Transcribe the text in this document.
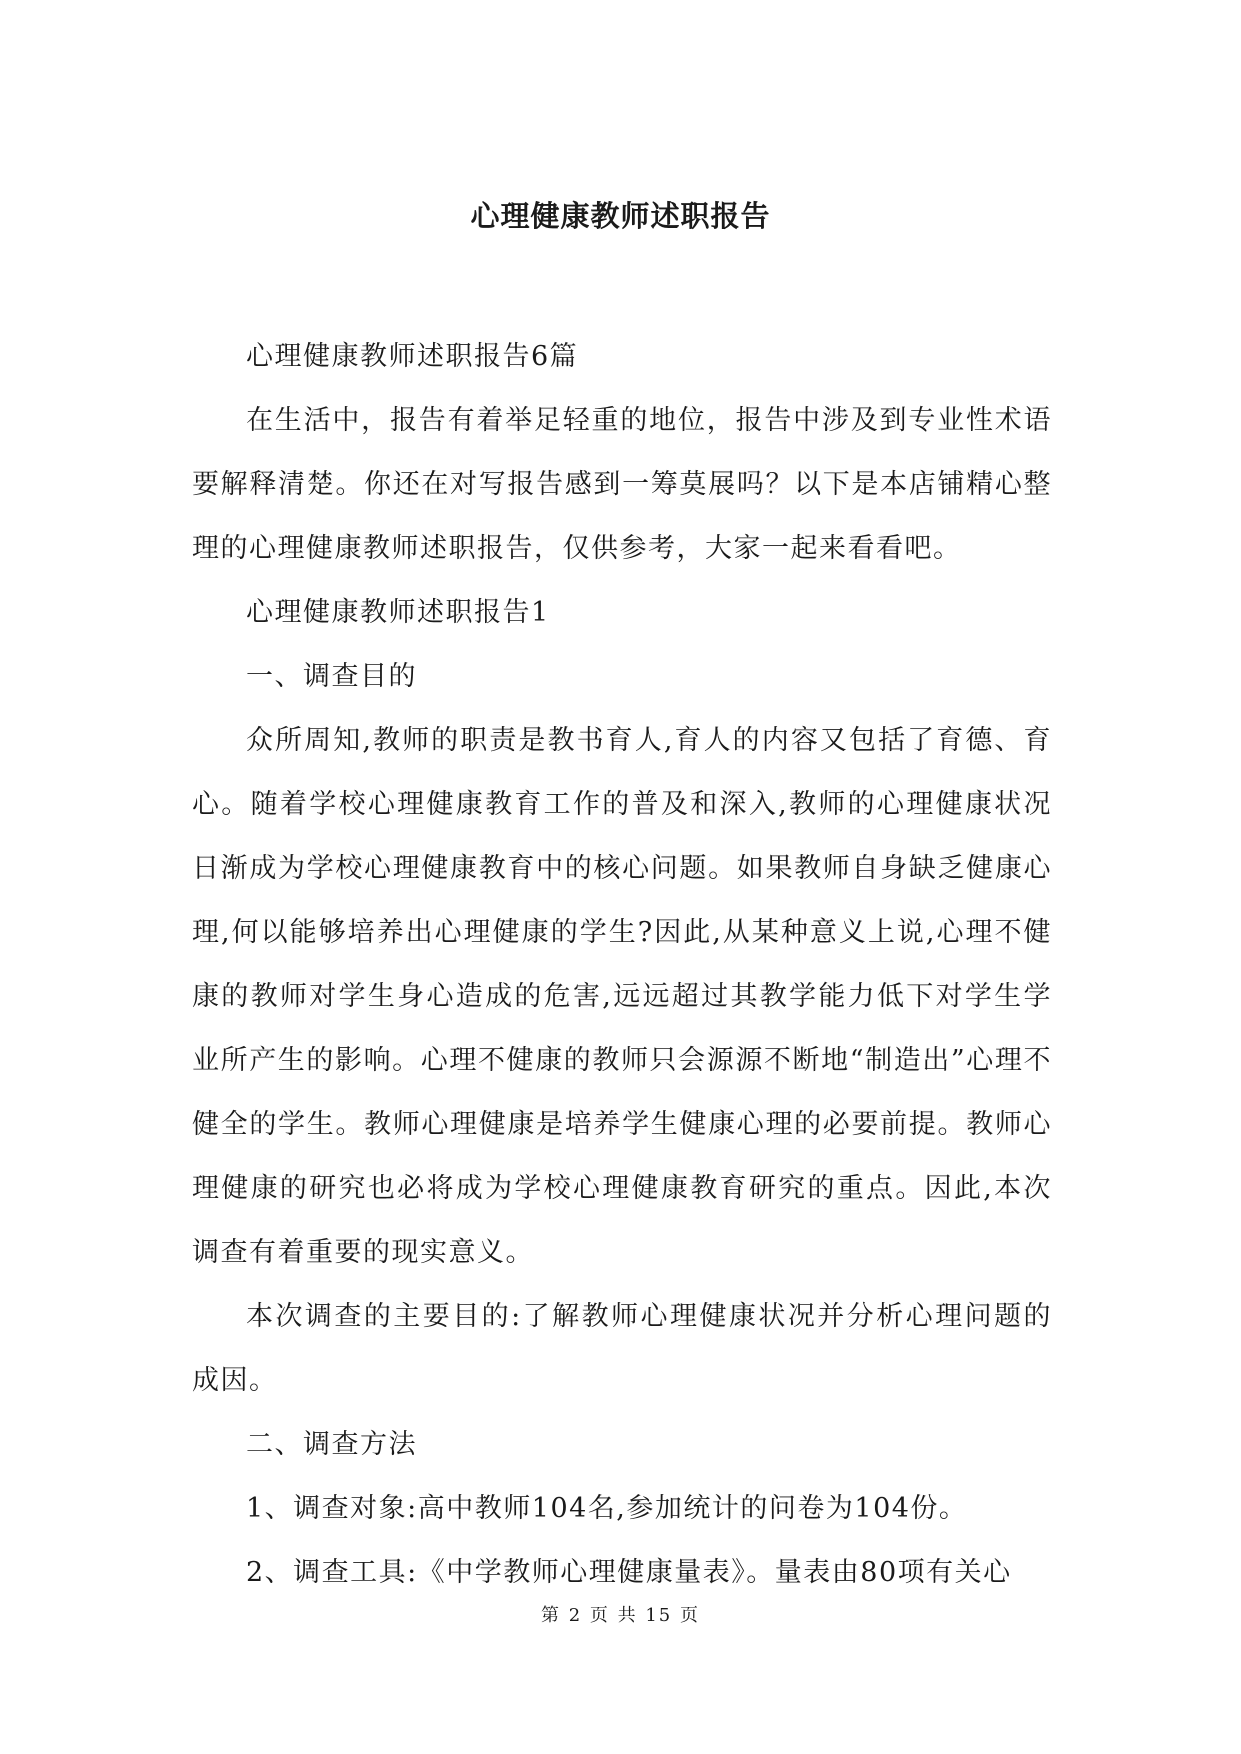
心理健康教师述职报告

心理健康教师述职报告6篇

在生活中，报告有着举足轻重的地位，报告中涉及到专业性术语要解释清楚。你还在对写报告感到一筹莫展吗？以下是本店铺精心整理的心理健康教师述职报告，仅供参考，大家一起来看看吧。

心理健康教师述职报告1

一、调查目的

众所周知,教师的职责是教书育人,育人的内容又包括了育德、育心。随着学校心理健康教育工作的普及和深入,教师的心理健康状况日渐成为学校心理健康教育中的核心问题。如果教师自身缺乏健康心理,何以能够培养出心理健康的学生?因此,从某种意义上说,心理不健康的教师对学生身心造成的危害,远远超过其教学能力低下对学生学业所产生的影响。心理不健康的教师只会源源不断地“制造出”心理不健全的学生。教师心理健康是培养学生健康心理的必要前提。教师心理健康的研究也必将成为学校心理健康教育研究的重点。因此,本次调查有着重要的现实意义。

本次调查的主要目的:了解教师心理健康状况并分析心理问题的成因。

二、调查方法

1、调查对象:高中教师104名,参加统计的问卷为104份。

2、调查工具:《中学教师心理健康量表》。量表由80项有关心

第 2 页 共 15 页
